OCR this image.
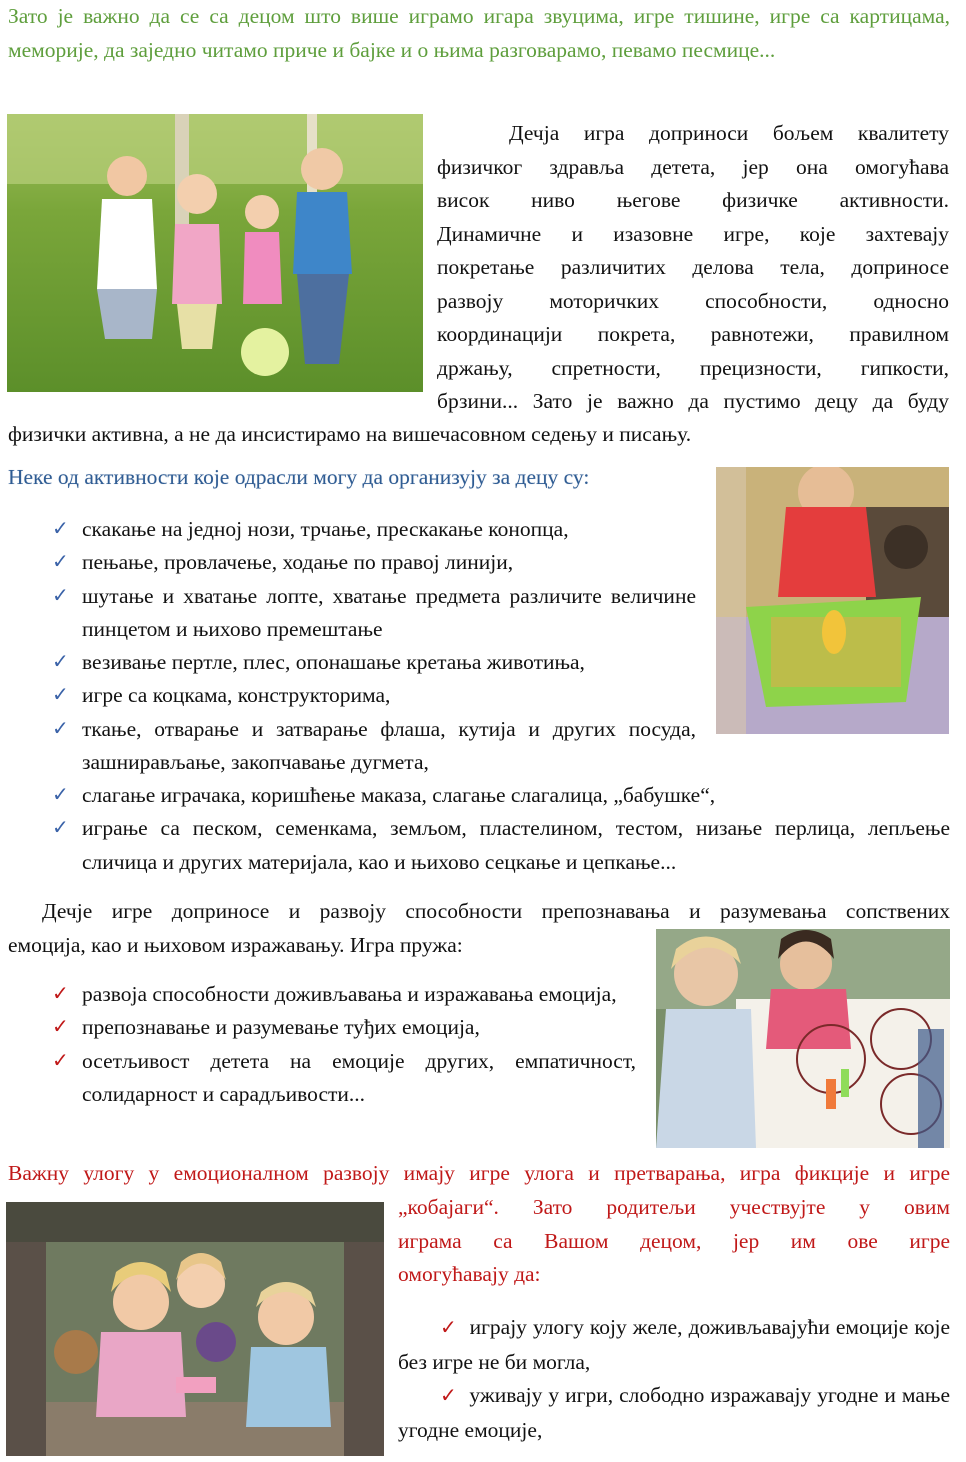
Зато је важно да се са децом што више играмо игара звуцима, игре тишине, игре са картицама, меморије, да заједно читамо приче и бајке и о њима разговарамо, певамо песмице...
Дечја игра доприноси бољем квалитету
физичког здравља детета, јер она омогућава
висок ниво његове физичке активности.
Динамичне и изазовне игре, које захтевају
покретање различитих делова тела, доприносе
развоју моторичких способности, односно
координацији покрета, равнотежи, правилном
држању, спретности, прецизности, гипкости,
брзини... Зато је важно да пустимо децу да буду
физички активна, а не да инсистирамо на вишечасовном седењу и писању.
Неке од активности које одрасли могу да организују за децу су:
✓ скакање на једној нози, трчање, прескакање конопца,
✓ пењање, провлачење, ходање по правој линији,
✓ шутање и хватање лопте, хватање предмета различите величине пинцетом и њихово премештање
✓ везивање пертле, плес, опонашање кретања животиња,
✓ игре са коцкама, конструкторима,
✓ ткање, отварање и затварање флаша, кутија и других посуда, зашнирављање, закопчавање дугмета,
✓ слагање играчака, коришћење маказа, слагање слагалица, „бабушке“,
✓ играње са песком, семенкама, земљом, пластелином, тестом, низање перлица, лепљење сличица и других материјала, као и њихово сецкање и цепкање...
Дечје игре доприносе и развоју способности препознавања и разумевања сопствених
емоција, као и њиховом изражавању. Игра пружа:
✓ развоја способности доживљавања и изражавања емоција,
✓ препознавање и разумевање туђих емоција,
✓ осетљивост детета на емоције других, емпатичност, солидарност и сарадљивости...
Важну улогу у емоционалном развоју имају игре улога и претварања, игра фикције и игре
„кобајаги“. Зато родитељи учествујте у овим
играма са Вашом децом, јер им ове игре
омогућавају да:
✓ играју улогу коју желе, доживљавајући емоције које без игре не би могла,
✓ уживају у игри, слободно изражавају угодне и мање угодне емоције,
